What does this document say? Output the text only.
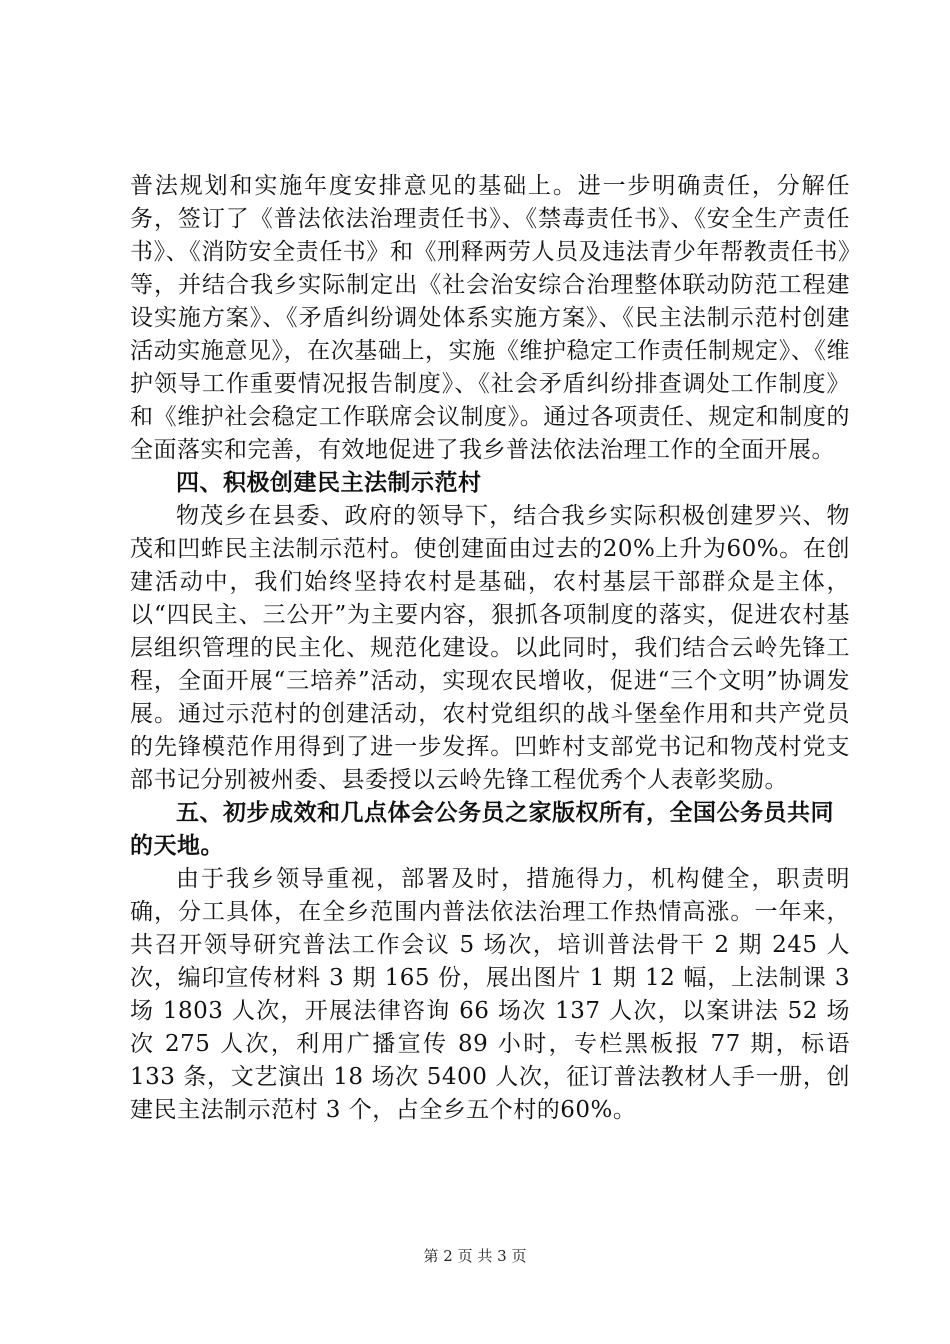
普法规划和实施年度安排意见的基础上。进一步明确责任，分解任务，签订了《普法依法治理责任书》、《禁毒责任书》、《安全生产责任书》、《消防安全责任书》和《刑释两劳人员及违法青少年帮教责任书》等，并结合我乡实际制定出《社会治安综合治理整体联动防范工程建设实施方案》、《矛盾纠纷调处体系实施方案》、《民主法制示范村创建活动实施意见》，在次基础上，实施《维护稳定工作责任制规定》、《维护领导工作重要情况报告制度》、《社会矛盾纠纷排查调处工作制度》和《维护社会稳定工作联席会议制度》。通过各项责任、规定和制度的全面落实和完善，有效地促进了我乡普法依法治理工作的全面开展。

四、积极创建民主法制示范村

物茂乡在县委、政府的领导下，结合我乡实际积极创建罗兴、物茂和凹蚱民主法制示范村。使创建面由过去的20%上升为60%。在创建活动中，我们始终坚持农村是基础，农村基层干部群众是主体，以“四民主、三公开”为主要内容，狠抓各项制度的落实，促进农村基层组织管理的民主化、规范化建设。以此同时，我们结合云岭先锋工程，全面开展“三培养”活动，实现农民增收，促进“三个文明”协调发展。通过示范村的创建活动，农村党组织的战斗堡垒作用和共产党员的先锋模范作用得到了进一步发挥。凹蚱村支部党书记和物茂村党支部书记分别被州委、县委授以云岭先锋工程优秀个人表彰奖励。

五、初步成效和几点体会公务员之家版权所有，全国公务员共同的天地。

由于我乡领导重视，部署及时，措施得力，机构健全，职责明确，分工具体，在全乡范围内普法依法治理工作热情高涨。一年来，共召开领导研究普法工作会议 5 场次，培训普法骨干 2 期 245 人次，编印宣传材料 3 期 165 份，展出图片 1 期 12 幅，上法制课 3 场 1803 人次，开展法律咨询 66 场次 137 人次，以案讲法 52 场次 275 人次，利用广播宣传 89 小时，专栏黑板报 77 期，标语 133 条，文艺演出 18 场次 5400 人次，征订普法教材人手一册，创建民主法制示范村 3 个，占全乡五个村的60%。

第 2 页 共 3 页
